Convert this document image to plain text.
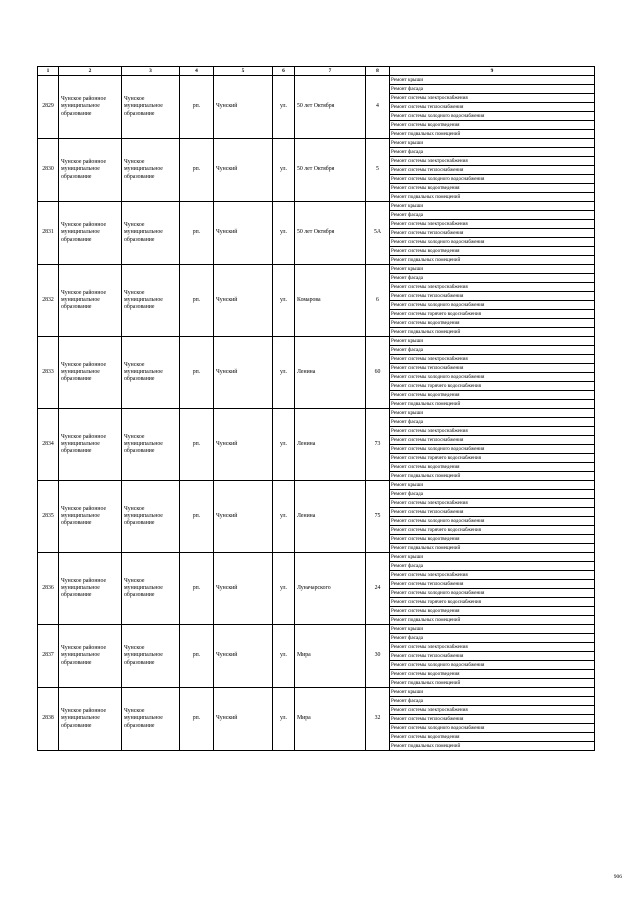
1	2	3	4	5	6	7	8	9
2829	Чунское районное муниципальное образование	Чунское муниципальное образование	рп.	Чунский	ул.	50 лет Октября	4	Ремонт крыши
								Ремонт фасада
								Ремонт системы электроснабжения
								Ремонт системы теплоснабжения
								Ремонт системы холодного водоснабжения
								Ремонт системы водоотведения
								Ремонт подвальных помещений
2830	Чунское районное муниципальное образование	Чунское муниципальное образование	рп.	Чунский	ул.	50 лет Октября	5	Ремонт крыши
								Ремонт фасада
								Ремонт системы электроснабжения
								Ремонт системы теплоснабжения
								Ремонт системы холодного водоснабжения
								Ремонт системы водоотведения
								Ремонт подвальных помещений
2831	Чунское районное муниципальное образование	Чунское муниципальное образование	рп.	Чунский	ул.	50 лет Октября	5А	Ремонт крыши
								Ремонт фасада
								Ремонт системы электроснабжения
								Ремонт системы теплоснабжения
								Ремонт системы холодного водоснабжения
								Ремонт системы водоотведения
								Ремонт подвальных помещений
2832	Чунское районное муниципальное образование	Чунское муниципальное образование	рп.	Чунский	ул.	Комарова	6	Ремонт крыши
								Ремонт фасада
								Ремонт системы электроснабжения
								Ремонт системы теплоснабжения
								Ремонт системы холодного водоснабжения
								Ремонт системы горячего водоснабжения
								Ремонт системы водоотведения
								Ремонт подвальных помещений
2833	Чунское районное муниципальное образование	Чунское муниципальное образование	рп.	Чунский	ул.	Ленина	60	Ремонт крыши
								Ремонт фасада
								Ремонт системы электроснабжения
								Ремонт системы теплоснабжения
								Ремонт системы холодного водоснабжения
								Ремонт системы горячего водоснабжения
								Ремонт системы водоотведения
								Ремонт подвальных помещений
2834	Чунское районное муниципальное образование	Чунское муниципальное образование	рп.	Чунский	ул.	Ленина	73	Ремонт крыши
								Ремонт фасада
								Ремонт системы электроснабжения
								Ремонт системы теплоснабжения
								Ремонт системы холодного водоснабжения
								Ремонт системы горячего водоснабжения
								Ремонт системы водоотведения
								Ремонт подвальных помещений
2835	Чунское районное муниципальное образование	Чунское муниципальное образование	рп.	Чунский	ул.	Ленина	75	Ремонт крыши
								Ремонт фасада
								Ремонт системы электроснабжения
								Ремонт системы теплоснабжения
								Ремонт системы холодного водоснабжения
								Ремонт системы горячего водоснабжения
								Ремонт системы водоотведения
								Ремонт подвальных помещений
2836	Чунское районное муниципальное образование	Чунское муниципальное образование	рп.	Чунский	ул.	Луначарского	24	Ремонт крыши
								Ремонт фасада
								Ремонт системы электроснабжения
								Ремонт системы теплоснабжения
								Ремонт системы холодного водоснабжения
								Ремонт системы горячего водоснабжения
								Ремонт системы водоотведения
								Ремонт подвальных помещений
2837	Чунское районное муниципальное образование	Чунское муниципальное образование	рп.	Чунский	ул.	Мира	30	Ремонт крыши
								Ремонт фасада
								Ремонт системы электроснабжения
								Ремонт системы теплоснабжения
								Ремонт системы холодного водоснабжения
								Ремонт системы водоотведения
								Ремонт подвальных помещений
2838	Чунское районное муниципальное образование	Чунское муниципальное образование	рп.	Чунский	ул.	Мира	32	Ремонт крыши
								Ремонт фасада
								Ремонт системы электроснабжения
								Ремонт системы теплоснабжения
								Ремонт системы холодного водоснабжения
								Ремонт системы водоотведения
								Ремонт подвальных помещений
906
